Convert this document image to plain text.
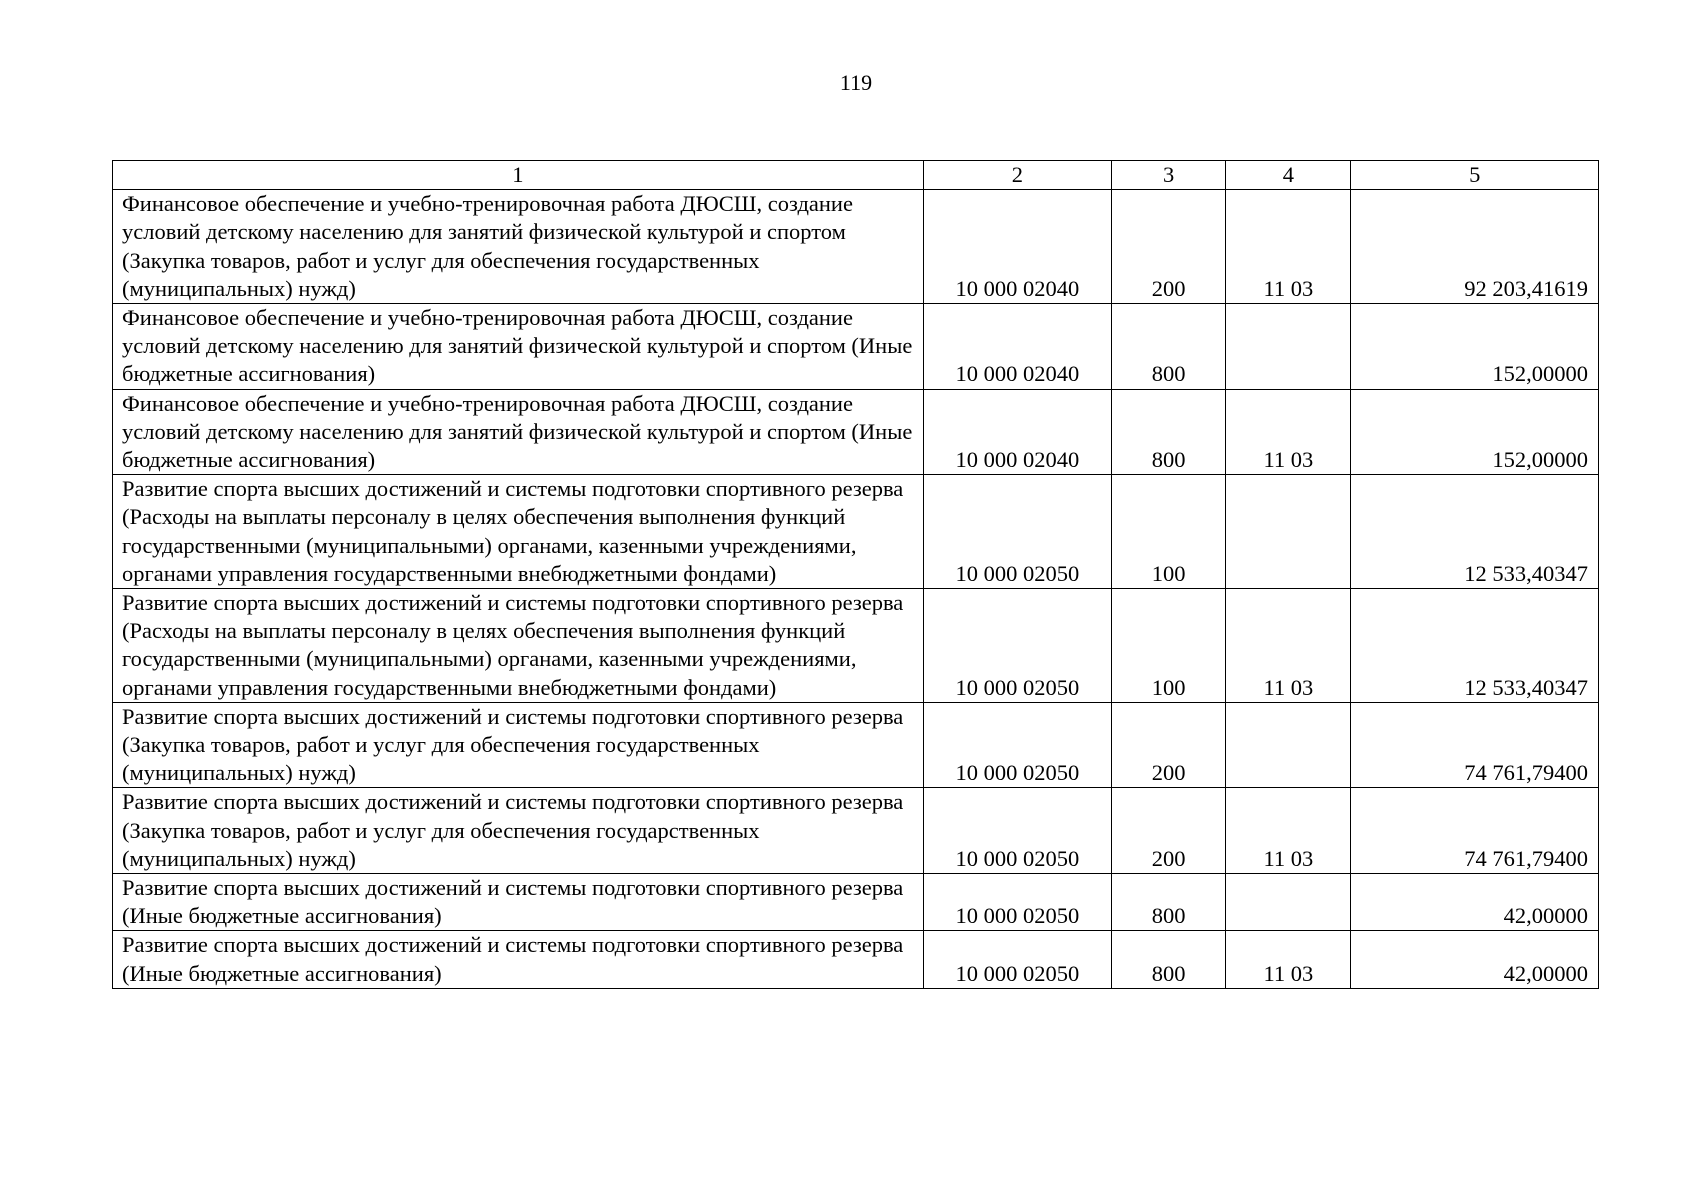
119
1	2	3	4	5
Финансовое обеспечение и учебно-тренировочная работа ДЮСШ, создание условий детскому населению для занятий физической культурой и спортом (Закупка товаров, работ и услуг для обеспечения государственных (муниципальных) нужд)	10 000 02040	200	11 03	92 203,41619
Финансовое обеспечение и учебно-тренировочная работа ДЮСШ, создание условий детскому населению для занятий физической культурой и спортом (Иные бюджетные ассигнования)	10 000 02040	800		152,00000
Финансовое обеспечение и учебно-тренировочная работа ДЮСШ, создание условий детскому населению для занятий физической культурой и спортом (Иные бюджетные ассигнования)	10 000 02040	800	11 03	152,00000
Развитие спорта высших достижений и системы подготовки спортивного резерва (Расходы на выплаты персоналу в целях обеспечения выполнения функций государственными (муниципальными) органами, казенными учреждениями, органами управления государственными внебюджетными фондами)	10 000 02050	100		12 533,40347
Развитие спорта высших достижений и системы подготовки спортивного резерва (Расходы на выплаты персоналу в целях обеспечения выполнения функций государственными (муниципальными) органами, казенными учреждениями, органами управления государственными внебюджетными фондами)	10 000 02050	100	11 03	12 533,40347
Развитие спорта высших достижений и системы подготовки спортивного резерва (Закупка товаров, работ и услуг для обеспечения государственных (муниципальных) нужд)	10 000 02050	200		74 761,79400
Развитие спорта высших достижений и системы подготовки спортивного резерва (Закупка товаров, работ и услуг для обеспечения государственных (муниципальных) нужд)	10 000 02050	200	11 03	74 761,79400
Развитие спорта высших достижений и системы подготовки спортивного резерва (Иные бюджетные ассигнования)	10 000 02050	800		42,00000
Развитие спорта высших достижений и системы подготовки спортивного резерва (Иные бюджетные ассигнования)	10 000 02050	800	11 03	42,00000
